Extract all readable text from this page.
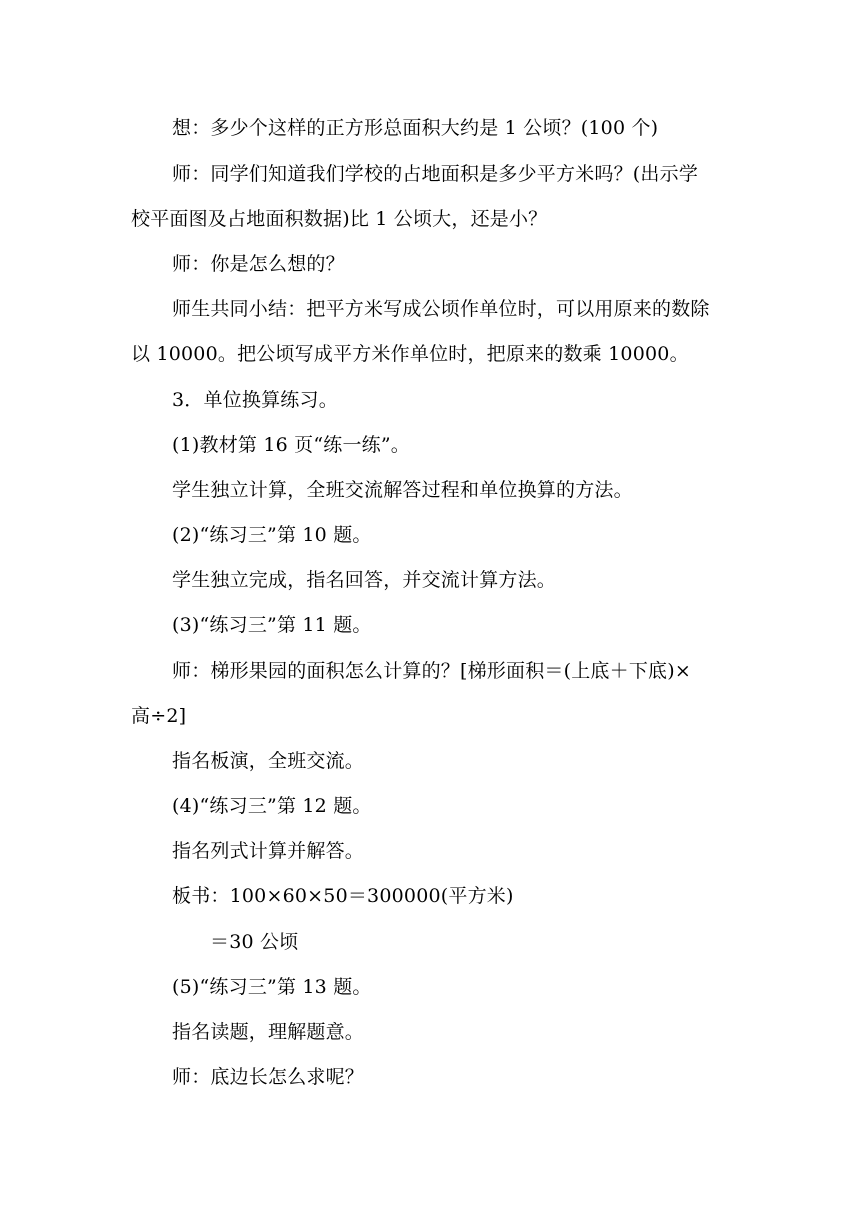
想：多少个这样的正方形总面积大约是 1 公顷？(100 个)
师：同学们知道我们学校的占地面积是多少平方米吗？(出示学
校平面图及占地面积数据)比 1 公顷大，还是小？
师：你是怎么想的？
师生共同小结：把平方米写成公顷作单位时，可以用原来的数除
以 10000。把公顷写成平方米作单位时，把原来的数乘 10000。
3．单位换算练习。
(1)教材第 16 页“练一练”。
学生独立计算，全班交流解答过程和单位换算的方法。
(2)“练习三”第 10 题。
学生独立完成，指名回答，并交流计算方法。
(3)“练习三”第 11 题。
师：梯形果园的面积怎么计算的？[梯形面积＝(上底＋下底)×
高÷2]
指名板演，全班交流。
(4)“练习三”第 12 题。
指名列式计算并解答。
板书：100×60×50＝300000(平方米)
＝30 公顷
(5)“练习三”第 13 题。
指名读题，理解题意。
师：底边长怎么求呢？
